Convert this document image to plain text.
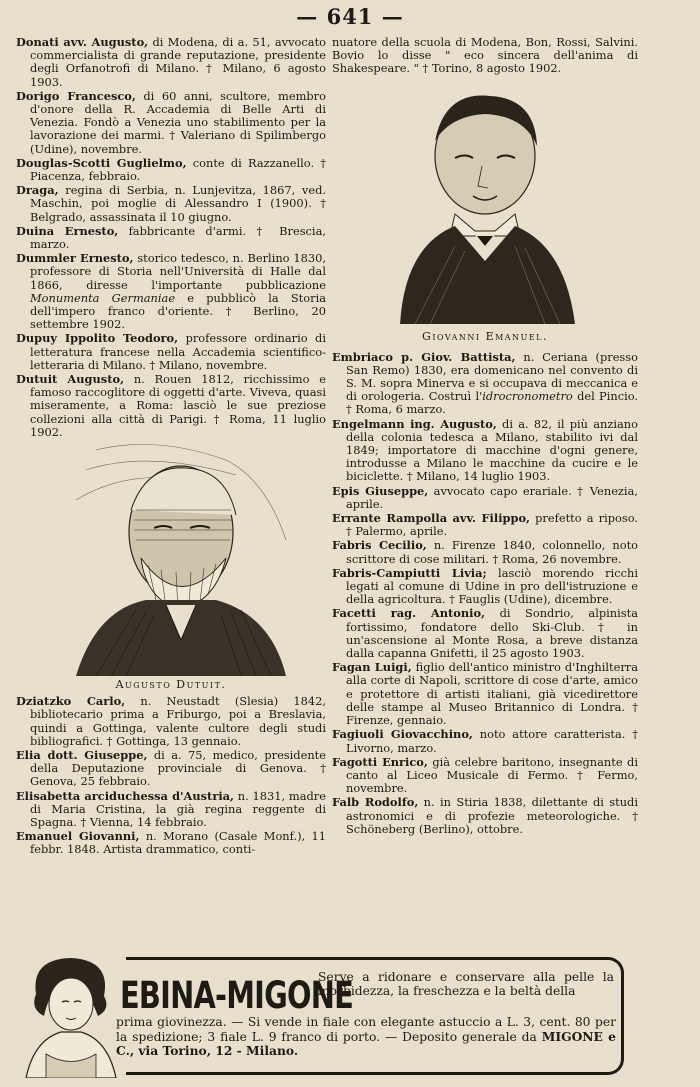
— 641 —
Donati avv. Augusto, di Modena, di a. 51, avvocato commercialista di grande reputazione, presidente degli Orfanotrofi di Milano. † Milano, 6 agosto 1903.
Dorigo Francesco, di 60 anni, scultore, membro d'onore della R. Accademia di Belle Arti di Venezia. Fondò a Venezia uno stabilimento per la lavorazione dei marmi. † Valeriano di Spilimbergo (Udine), novembre.
Douglas-Scotti Guglielmo, conte di Razzanello. † Piacenza, febbraio.
Draga, regina di Serbia, n. Lunjevitza, 1867, ved. Maschin, poi moglie di Alessandro I (1900). † Belgrado, assassinata il 10 giugno.
Duina Ernesto, fabbricante d'armi. † Brescia, marzo.
Dummler Ernesto, storico tedesco, n. Berlino 1830, professore di Storia nell'Università di Halle dal 1866, diresse l'importante pubblicazione Monumenta Germaniae e pubblicò la Storia dell'impero franco d'oriente. † Berlino, 20 settembre 1902.
Dupuy Ippolito Teodoro, professore ordinario di letteratura francese nella Accademia scientifico-letteraria di Milano. † Milano, novembre.
Dutuit Augusto, n. Rouen 1812, ricchissimo e famoso raccoglitore di oggetti d'arte. Viveva, quasi miseramente, a Roma: lasciò le sue preziose collezioni alla città di Parigi. † Roma, 11 luglio 1902.
Augusto Dutuit.
Dziatzko Carlo, n. Neustadt (Slesia) 1842, bibliotecario prima a Friburgo, poi a Breslavia, quindi a Gottinga, valente cultore degli studi bibliografici. † Gottinga, 13 gennaio.
Elia dott. Giuseppe, di a. 75, medico, presidente della Deputazione provinciale di Genova. † Genova, 25 febbraio.
Elisabetta arciduchessa d'Austria, n. 1831, madre di Maria Cristina, la già regina reggente di Spagna. † Vienna, 14 febbraio.
Emanuel Giovanni, n. Morano (Casale Monf.), 11 febbr. 1848. Artista drammatico, conti-
nuatore della scuola di Modena, Bon, Rossi, Salvini. Bovio lo disse " eco sincera dell'anima di Shakespeare. " † Torino, 8 agosto 1902.
Giovanni Emanuel.
Embriaco p. Giov. Battista, n. Ceriana (presso San Remo) 1830, era domenicano nel convento di S. M. sopra Minerva e si occupava di meccanica e di orologeria. Costruì l'idrocronometro del Pincio. † Roma, 6 marzo.
Engelmann ing. Augusto, di a. 82, il più anziano della colonia tedesca a Milano, stabilito ivi dal 1849; importatore di macchine d'ogni genere, introdusse a Milano le macchine da cucire e le biciclette. † Milano, 14 luglio 1903.
Epis Giuseppe, avvocato capo erariale. † Venezia, aprile.
Errante Rampolla avv. Filippo, prefetto a riposo. † Palermo, aprile.
Fabris Cecilio, n. Firenze 1840, colonnello, noto scrittore di cose militari. † Roma, 26 novembre.
Fabris-Campiutti Livia; lasciò morendo ricchi legati al comune di Udine in pro dell'istruzione e della agricoltura. † Fauglis (Udine), dicembre.
Facetti rag. Antonio, di Sondrio, alpinista fortissimo, fondatore dello Ski-Club. † in un'ascensione al Monte Rosa, a breve distanza dalla capanna Gnifetti, il 25 agosto 1903.
Fagan Luigi, figlio dell'antico ministro d'Inghilterra alla corte di Napoli, scrittore di cose d'arte, amico e protettore di artisti italiani, già vicedirettore delle stampe al Museo Britannico di Londra. † Firenze, gennaio.
Fagiuoli Giovacchino, noto attore caratterista. † Livorno, marzo.
Fagotti Enrico, già celebre baritono, insegnante di canto al Liceo Musicale di Fermo. † Fermo, novembre.
Falb Rodolfo, n. in Stiria 1838, dilettante di studi astronomici e di profezie meteorologiche. † Schöneberg (Berlino), ottobre.
EBINA-MIGONE
Serve a ridonare e conservare alla pelle la morbidezza, la freschezza e la beltà della
prima giovinezza. — Si vende in fiale con elegante astuccio a L. 3, cent. 80 per la spedizione; 3 fiale L. 9 franco di porto. — Deposito generale da MIGONE e C., via Torino, 12 - Milano.
